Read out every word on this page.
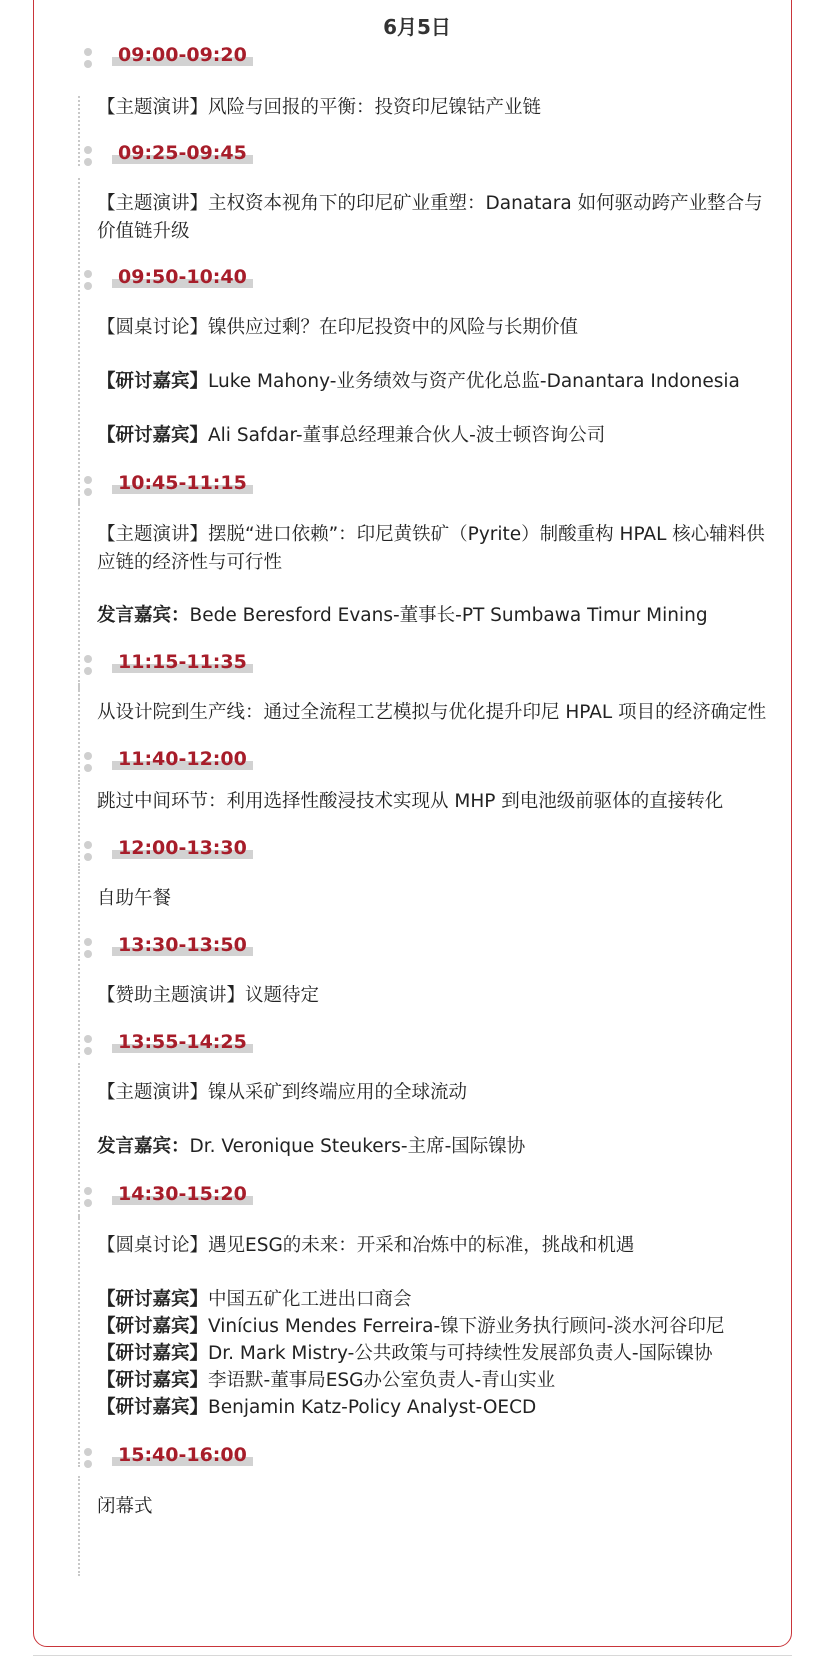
6月5日
09:00-09:20
【主题演讲】风险与回报的平衡：投资印尼镍钴产业链
09:25-09:45
【主题演讲】主权资本视角下的印尼矿业重塑：Danatara 如何驱动跨产业整合与价值链升级
09:50-10:40
【圆桌讨论】镍供应过剩？在印尼投资中的风险与长期价值
【研讨嘉宾】Luke Mahony-业务绩效与资产优化总监-Danantara Indonesia
【研讨嘉宾】Ali Safdar-董事总经理兼合伙人-波士顿咨询公司
10:45-11:15
【主题演讲】摆脱“进口依赖”：印尼黄铁矿（Pyrite）制酸重构 HPAL 核心辅料供应链的经济性与可行性
发言嘉宾：Bede Beresford Evans-董事长-PT Sumbawa Timur Mining
11:15-11:35
从设计院到生产线：通过全流程工艺模拟与优化提升印尼 HPAL 项目的经济确定性
11:40-12:00
跳过中间环节：利用选择性酸浸技术实现从 MHP 到电池级前驱体的直接转化
12:00-13:30
自助午餐
13:30-13:50
【赞助主题演讲】议题待定
13:55-14:25
【主题演讲】镍从采矿到终端应用的全球流动
发言嘉宾：Dr. Veronique Steukers-主席-国际镍协
14:30-15:20
【圆桌讨论】遇见ESG的未来：开采和冶炼中的标准，挑战和机遇
【研讨嘉宾】中国五矿化工进出口商会
【研讨嘉宾】Vinícius Mendes Ferreira-镍下游业务执行顾问-淡水河谷印尼
【研讨嘉宾】Dr. Mark Mistry-公共政策与可持续性发展部负责人-国际镍协
【研讨嘉宾】李语默-董事局ESG办公室负责人-青山实业
【研讨嘉宾】Benjamin Katz-Policy Analyst-OECD
15:40-16:00
闭幕式
